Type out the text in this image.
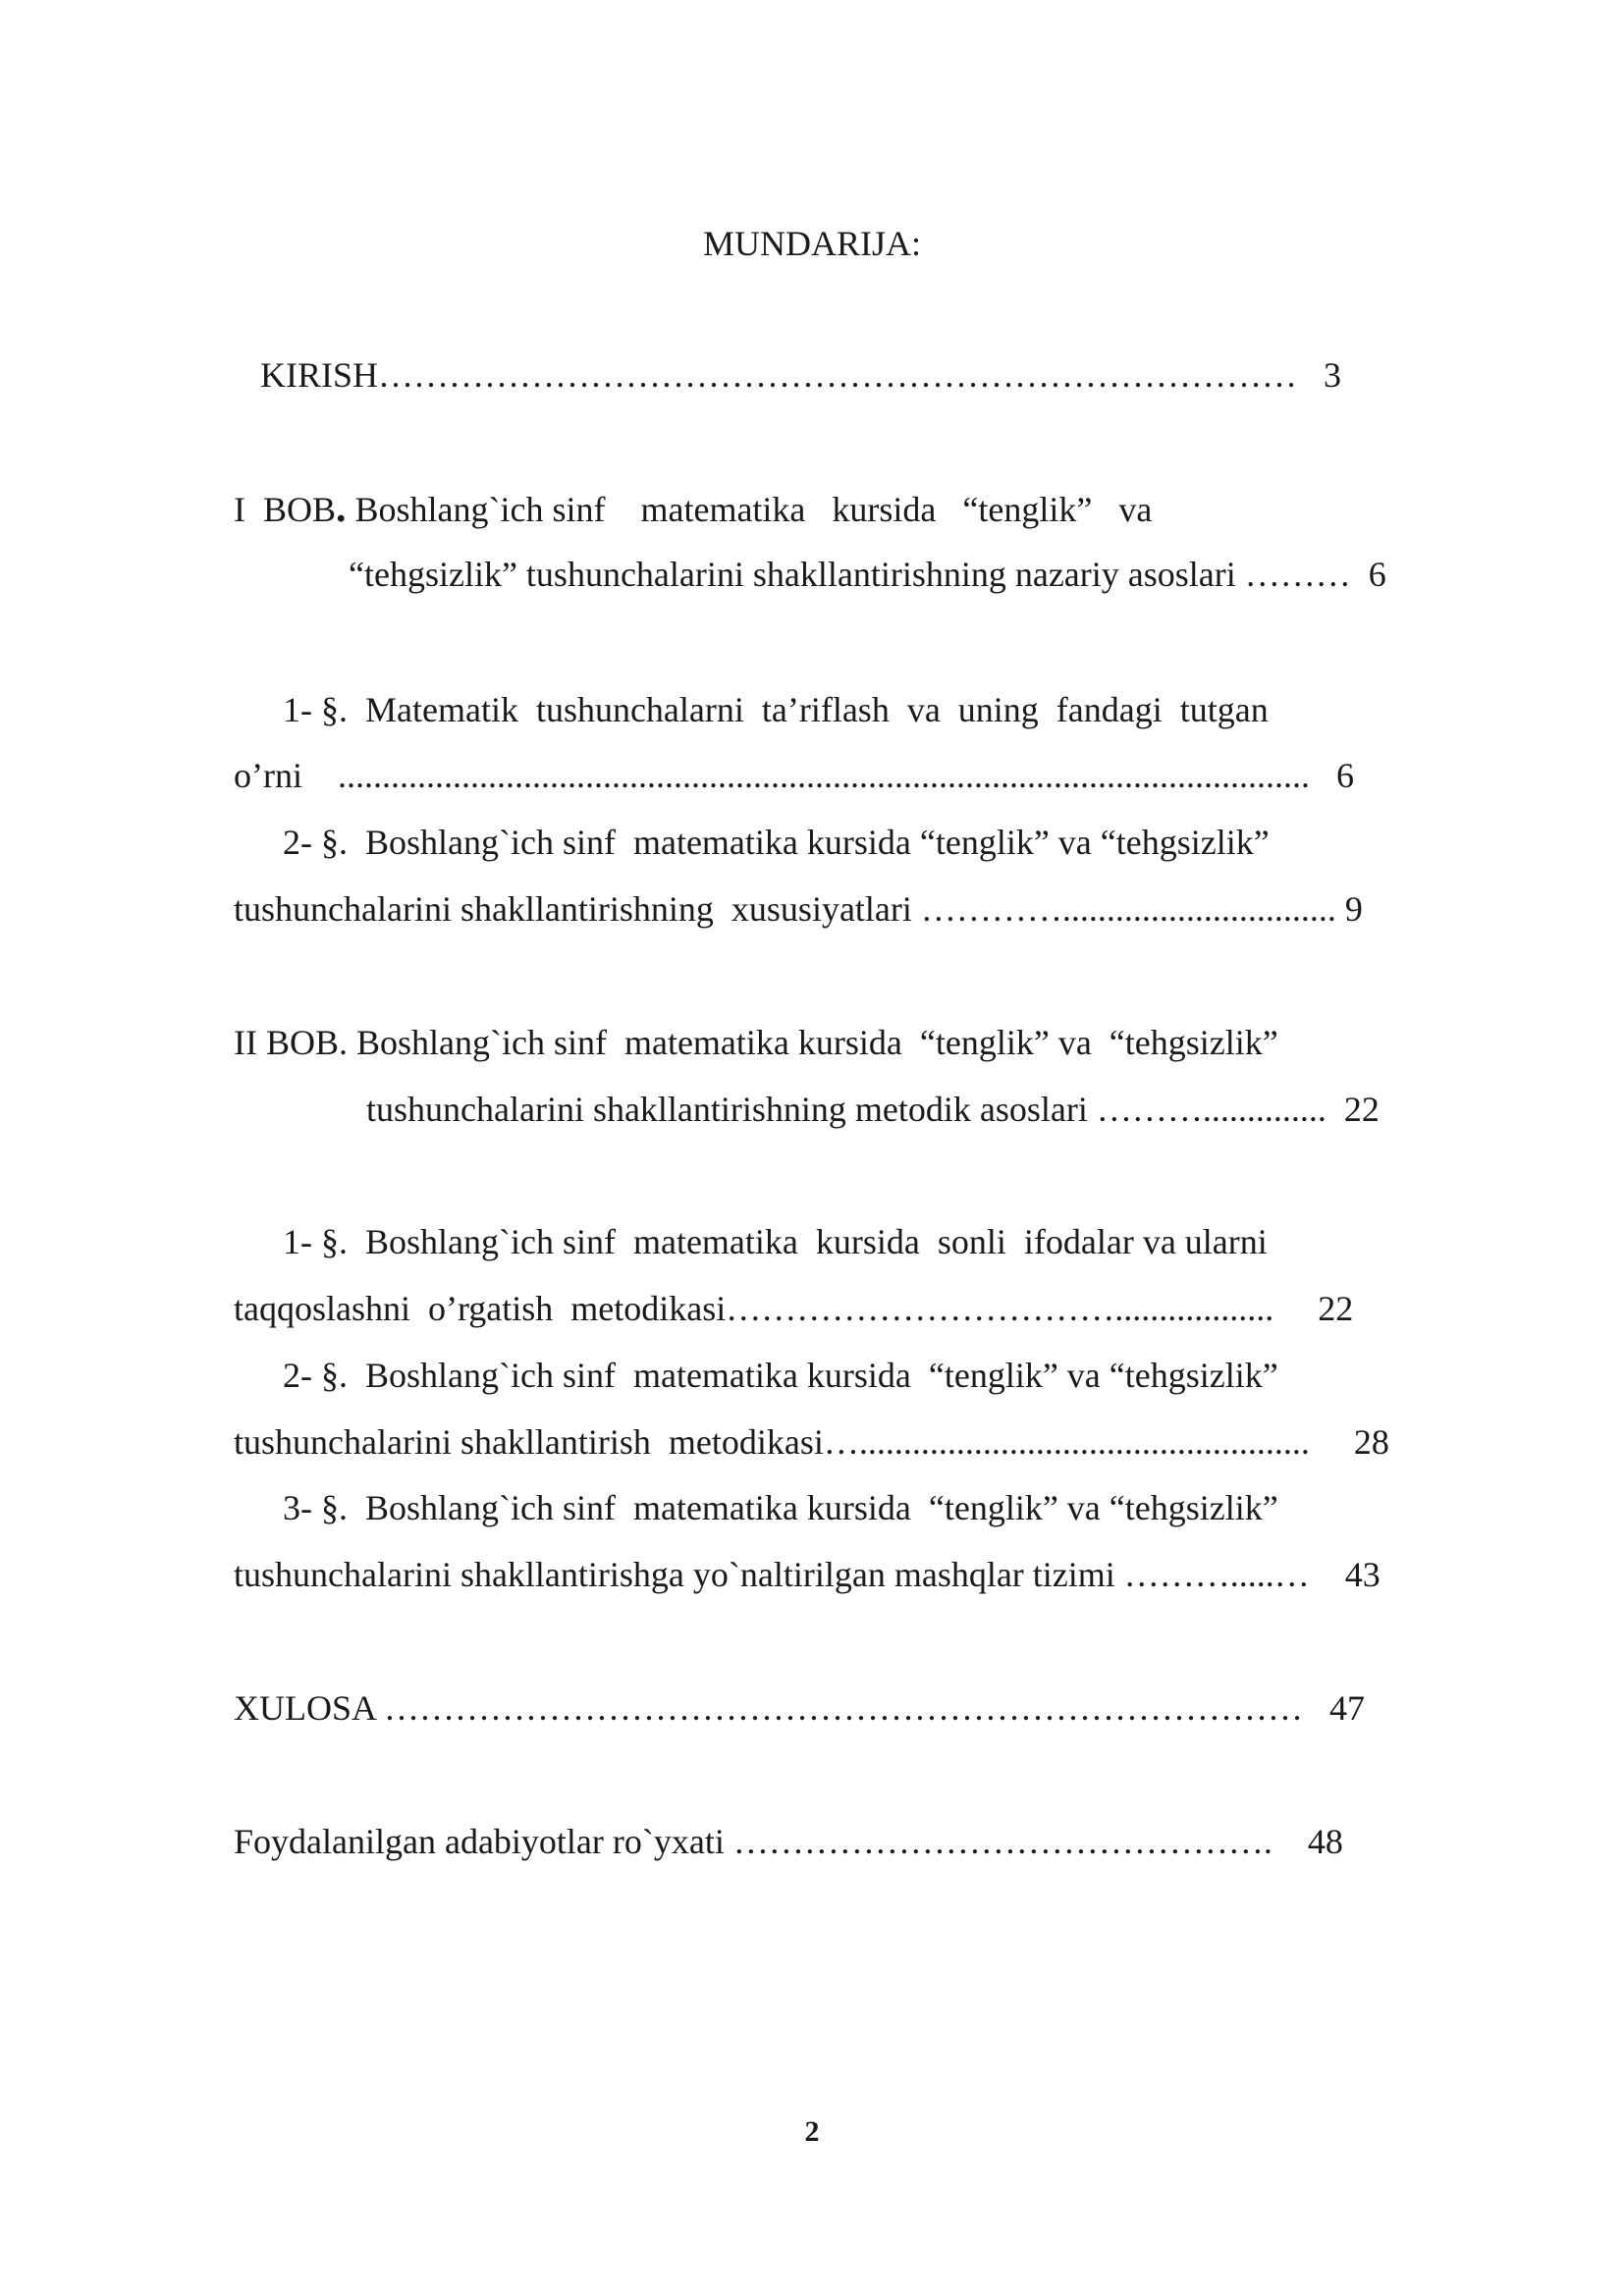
MUNDARIJA:
KIRISH……………………………………………………………………   3
I  BOB. Boshlang`ich sinf    matematika   kursida   “tenglik”   va
“tehgsizlik” tushunchalarini shakllantirishning nazariy asoslari ………  6
1- §.  Matematik  tushunchalarni  ta’riflash  va  uning  fandagi  tutgan
o’rni    ..............................................................................................................   6
2- §.  Boshlang`ich sinf  matematika kursida “tenglik” va “tehgsizlik”
tushunchalarini shakllantirishning  xususiyatlari …………............................... 9
II BOB. Boshlang`ich sinf  matematika kursida  “tenglik” va  “tehgsizlik”
tushunchalarini shakllantirishning metodik asoslari ………..............  22
1- §.  Boshlang`ich sinf  matematika  kursida  sonli  ifodalar va ularni
taqqoslashni  o’rgatish  metodikasi……………………………..................     22
2- §.  Boshlang`ich sinf  matematika kursida  “tenglik” va “tehgsizlik”
tushunchalarini shakllantirish  metodikasi…...................................................     28
3- §.  Boshlang`ich sinf  matematika kursida  “tenglik” va “tehgsizlik”
tushunchalarini shakllantirishga yo`naltirilgan mashqlar tizimi ……….....…    43
XULOSA ……………………………………………………………………   47
Foydalanilgan adabiyotlar ro`yxati ……………………………………….    48
2
